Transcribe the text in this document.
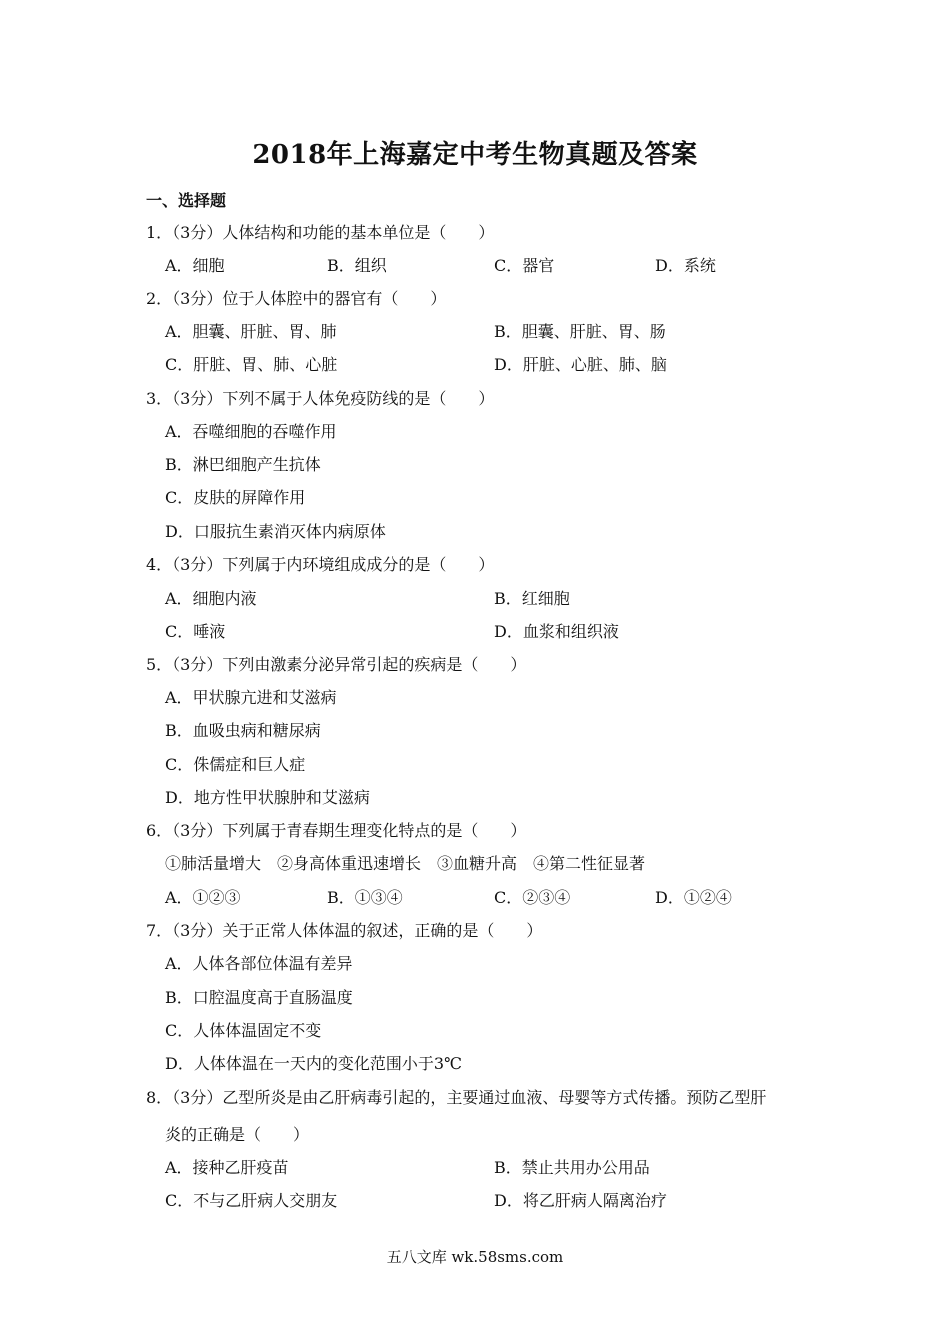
2018年上海嘉定中考生物真题及答案
一、选择题
1．（3分）人体结构和功能的基本单位是（　　）
A．细胞	B．组织	C．器官	D．系统
2．（3分）位于人体腔中的器官有（　　）
A．胆囊、肝脏、胃、肺	B．胆囊、肝脏、胃、肠
C．肝脏、胃、肺、心脏	D．肝脏、心脏、肺、脑
3．（3分）下列不属于人体免疫防线的是（　　）
A．吞噬细胞的吞噬作用
B．淋巴细胞产生抗体
C．皮肤的屏障作用
D．口服抗生素消灭体内病原体
4．（3分）下列属于内环境组成成分的是（　　）
A．细胞内液	B．红细胞
C．唾液	D．血浆和组织液
5．（3分）下列由激素分泌异常引起的疾病是（　　）
A．甲状腺亢进和艾滋病
B．血吸虫病和糖尿病
C．侏儒症和巨人症
D．地方性甲状腺肿和艾滋病
6．（3分）下列属于青春期生理变化特点的是（　　）
①肺活量增大　②身高体重迅速增长　③血糖升高　④第二性征显著
A．①②③	B．①③④	C．②③④	D．①②④
7．（3分）关于正常人体体温的叙述，正确的是（　　）
A．人体各部位体温有差异
B．口腔温度高于直肠温度
C．人体体温固定不变
D．人体体温在一天内的变化范围小于3℃
8．（3分）乙型所炎是由乙肝病毒引起的，主要通过血液、母婴等方式传播。预防乙型肝
炎的正确是（　　）
A．接种乙肝疫苗	B．禁止共用办公用品
C．不与乙肝病人交朋友	D．将乙肝病人隔离治疗
五八文库 wk.58sms.com
